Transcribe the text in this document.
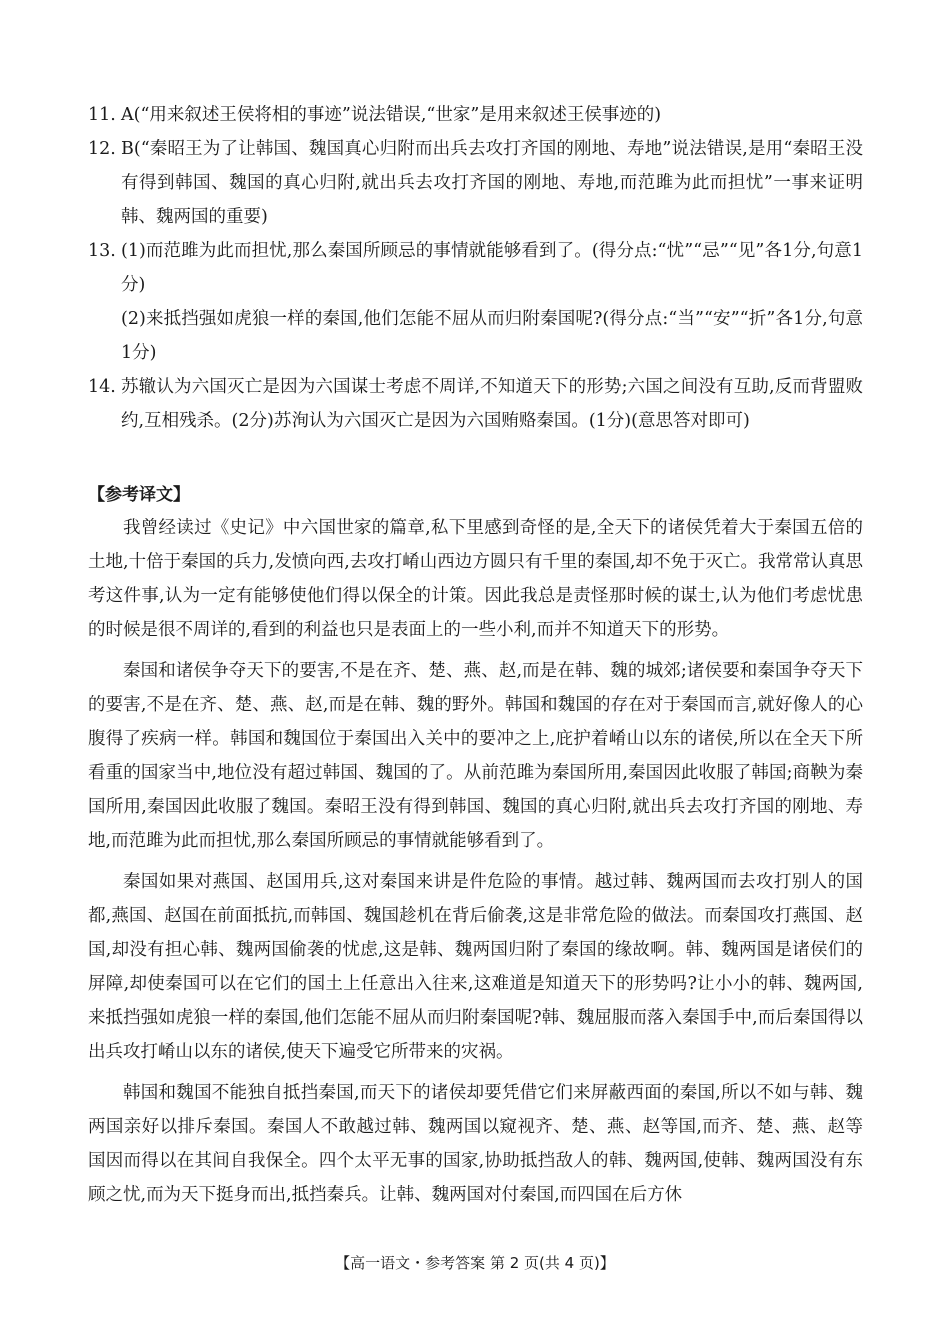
11. A(“用来叙述王侯将相的事迹”说法错误,“世家”是用来叙述王侯事迹的)
12. B(“秦昭王为了让韩国、魏国真心归附而出兵去攻打齐国的刚地、寿地”说法错误,是用“秦昭王没有得到韩国、魏国的真心归附,就出兵去攻打齐国的刚地、寿地,而范雎为此而担忧”一事来证明韩、魏两国的重要)
13. (1)而范雎为此而担忧,那么秦国所顾忌的事情就能够看到了。(得分点:“忧”“忌”“见”各1分,句意1分)
(2)来抵挡强如虎狼一样的秦国,他们怎能不屈从而归附秦国呢?(得分点:“当”“安”“折”各1分,句意1分)
14. 苏辙认为六国灭亡是因为六国谋士考虑不周详,不知道天下的形势;六国之间没有互助,反而背盟败约,互相残杀。(2分)苏洵认为六国灭亡是因为六国贿赂秦国。(1分)(意思答对即可)
【参考译文】

我曾经读过《史记》中六国世家的篇章,私下里感到奇怪的是,全天下的诸侯凭着大于秦国五倍的土地,十倍于秦国的兵力,发愤向西,去攻打崤山西边方圆只有千里的秦国,却不免于灭亡。我常常认真思考这件事,认为一定有能够使他们得以保全的计策。因此我总是责怪那时候的谋士,认为他们考虑忧患的时候是很不周详的,看到的利益也只是表面上的一些小利,而并不知道天下的形势。

秦国和诸侯争夺天下的要害,不是在齐、楚、燕、赵,而是在韩、魏的城郊;诸侯要和秦国争夺天下的要害,不是在齐、楚、燕、赵,而是在韩、魏的野外。韩国和魏国的存在对于秦国而言,就好像人的心腹得了疾病一样。韩国和魏国位于秦国出入关中的要冲之上,庇护着崤山以东的诸侯,所以在全天下所看重的国家当中,地位没有超过韩国、魏国的了。从前范雎为秦国所用,秦国因此收服了韩国;商鞅为秦国所用,秦国因此收服了魏国。秦昭王没有得到韩国、魏国的真心归附,就出兵去攻打齐国的刚地、寿地,而范雎为此而担忧,那么秦国所顾忌的事情就能够看到了。

秦国如果对燕国、赵国用兵,这对秦国来讲是件危险的事情。越过韩、魏两国而去攻打别人的国都,燕国、赵国在前面抵抗,而韩国、魏国趁机在背后偷袭,这是非常危险的做法。而秦国攻打燕国、赵国,却没有担心韩、魏两国偷袭的忧虑,这是韩、魏两国归附了秦国的缘故啊。韩、魏两国是诸侯们的屏障,却使秦国可以在它们的国土上任意出入往来,这难道是知道天下的形势吗?让小小的韩、魏两国,来抵挡强如虎狼一样的秦国,他们怎能不屈从而归附秦国呢?韩、魏屈服而落入秦国手中,而后秦国得以出兵攻打崤山以东的诸侯,使天下遍受它所带来的灾祸。

韩国和魏国不能独自抵挡秦国,而天下的诸侯却要凭借它们来屏蔽西面的秦国,所以不如与韩、魏两国亲好以排斥秦国。秦国人不敢越过韩、魏两国以窥视齐、楚、燕、赵等国,而齐、楚、燕、赵等国因而得以在其间自我保全。四个太平无事的国家,协助抵挡敌人的韩、魏两国,使韩、魏两国没有东顾之忧,而为天下挺身而出,抵挡秦兵。让韩、魏两国对付秦国,而四国在后方休

【高一语文・参考答案 第 2 页(共 4 页)】
